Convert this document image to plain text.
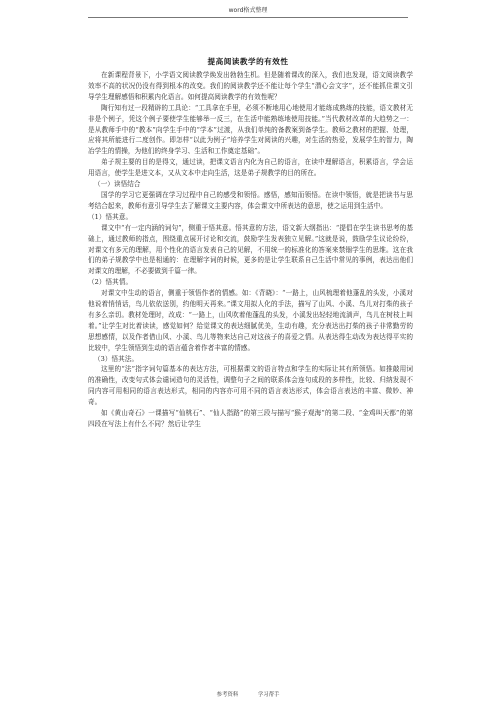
word格式整理
提高阅读教学的有效性

在新课程背景下，小学语文阅读教学焕发出勃勃生机。但是随着课改的深入，我们也发现，语文阅读教学效率不高的状况仍没有得到根本的改变。我们的阅读教学还不能让每个学生“潜心会文字”，还不能抓住课文引导学生理解感悟和积累内化语言。如何提高阅读教学的有效性呢？

陶行知有过一段精辟的工具论：“工具拿在手里，必须不断地用心地使用才能练成熟练的技能，语文教材无非是个例子，凭这个例子要使学生能够举一反三，在生活中能熟练地使用技能。”当代教材改革的大趋势之一：是从教师手中的“教本”向学生手中的“学本”过渡，从我们单纯的备教案到备学生。教师之教材的把握、处理，应将其所能进行二度创作。即怎样“以此为例子”培养学生对阅读的兴趣，对生活的热爱，发展学生的智力，陶冶学生的情操，为他们的终身学习、生活和工作奠定基础”。

弟子规主要的目的是得文，通过读，把课文语言内化为自己的语言，在读中理解语言，积累语言，学会运用语言，使学生是进文本，又从文本中走向生活，这是弟子规教学的目的所在。

（一）读悟结合

国学的学习它更强调在学习过程中自己的感受和领悟。感悟，感知而领悟。在读中领悟，就是把读书与思考结合起来，教师有意引导学生去了解课文主要内容，体会课文中所表达的意思，使之运用到生活中。

（1）悟其意。

课文中“有一定内涵的词句”，侧重于悟其意。悟其意的方法，语文新大纲指出：“提倡在学生读书思考的基础上，通过教师的指点，围绕重点展开讨论和交流，鼓励学生发表独立见解。”这就是说，鼓励学生议论纷纷，对课文有多元的理解，用个性化的语言发表自己的见解，不用统一的标准化的答案来禁锢学生的思维。这在我们的弟子规教学中也是相通的：在理解字词的时候，更多的是让学生联系自己生活中常见的事例，表达出他们对课文的理解，不必要做到千篇一律。

（2）悟其情。

对课文中生动的语言，侧重于领悟作者的情感。如：《背晓》：“一路上，山风梳理着他蓬乱的头发，小溪对他说着悄悄话，鸟儿依依送别，约他明天再来。”课文用拟人化的手法，描写了山风、小溪、鸟儿对打柴的孩子有多么亲切。教材处理时，改成：“一路上，山风吹着他蓬乱的头发，小溪发出轻轻地流淌声，鸟儿在树枝上叫着。”让学生对比着读读，感觉如何？给觉课文的表达细腻优美，生动有趣，充分表达出打柴的孩子非常勤劳的思想感情，以及作者借山风、小溪、鸟儿等物来达自己对这孩子的喜爱之情。从表达得生动改为表达得平实的比较中，学生领悟到生动的语言蕴含着作者丰富的情感。

（3）悟其法。

这里的“法”指字词句篇基本的表达方法，可根据课文的语言特点和学生的实际让其有所领悟。如推敲用词的准确性，改变句式体会谴词造句的灵活性，调整句子之间的联系体会连句成段的多样性，比较、归纳发现不同内容可用相同的语言表达形式，相同的内容亦可用不同的语言表达形式，体会语言表达的丰富、微妙、神奇。

如《黄山奇石》一课描写“仙桃石”、“仙人指路”的第三段与描写“猴子观海”的第二段、“金鸡叫天都”的第四段在写法上有什么不同？然后让学生

参考资料	学习帮手
